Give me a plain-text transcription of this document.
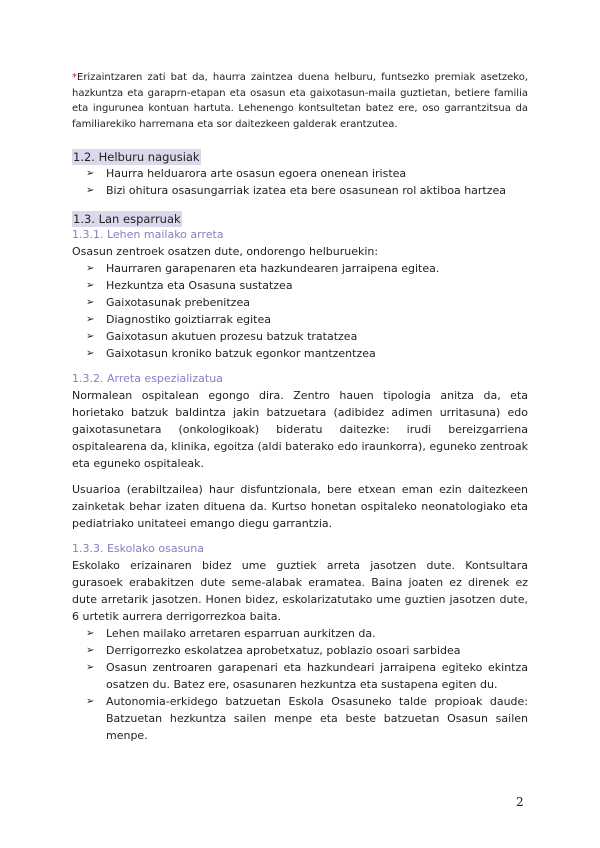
*Erizaintzaren zati bat da, haurra zaintzea duena helburu, funtsezko premiak asetzeko, hazkuntza eta garaprn-etapan eta osasun eta gaixotasun-maila guztietan, betiere familia eta ingurunea kontuan hartuta. Lehenengo kontsultetan batez ere, oso garrantzitsua da familiarekiko harremana eta sor daitezkeen galderak erantzutea.

1.2. Helburu nagusiak
➢ Haurra helduarora arte osasun egoera onenean iristea
➢ Bizi ohitura osasungarriak izatea eta bere osasunean rol aktiboa hartzea
1.3. Lan esparruak

1.3.1. Lehen mailako arreta

Osasun zentroek osatzen dute, ondorengo helburuekin:

➢ Haurraren garapenaren eta hazkundearen jarraipena egitea.
➢ Hezkuntza eta Osasuna sustatzea
➢ Gaixotasunak prebenitzea
➢ Diagnostiko goiztiarrak egitea
➢ Gaixotasun akutuen prozesu batzuk tratatzea
➢ Gaixotasun kroniko batzuk egonkor mantzentzea

1.3.2. Arreta espezializatua

Normalean ospitalean egongo dira. Zentro hauen tipologia anitza da, eta horietako batzuk baldintza jakin batzuetara (adibidez adimen urritasuna) edo gaixotasunetara (onkologikoak) bideratu daitezke: irudi bereizgarriena ospitalearena da, klinika, egoitza (aldi baterako edo iraunkorra), eguneko zentroak eta eguneko ospitaleak.

Usuarioa (erabiltzailea) haur disfuntzionala, bere etxean eman ezin daitezkeen zainketak behar izaten dituena da. Kurtso honetan ospitaleko neonatologiako eta pediatriako unitateei emango diegu garrantzia.

1.3.3. Eskolako osasuna

Eskolako erizainaren bidez ume guztiek arreta jasotzen dute. Kontsultara gurasoek erabakitzen dute seme-alabak eramatea. Baina joaten ez direnek ez dute arretarik jasotzen. Honen bidez, eskolarizatutako ume guztien jasotzen dute, 6 urtetik aurrera derrigorrezkoa baita.

➢ Lehen mailako arretaren esparruan aurkitzen da.
➢ Derrigorrezko eskolatzea aprobetxatuz, poblazio osoari sarbidea
➢ Osasun zentroaren garapenari eta hazkundeari jarraipena egiteko ekintza osatzen du. Batez ere, osasunaren hezkuntza eta sustapena egiten du.
➢ Autonomia-erkidego batzuetan Eskola Osasuneko talde propioak daude: Batzuetan hezkuntza sailen menpe eta beste batzuetan Osasun sailen menpe.
2
